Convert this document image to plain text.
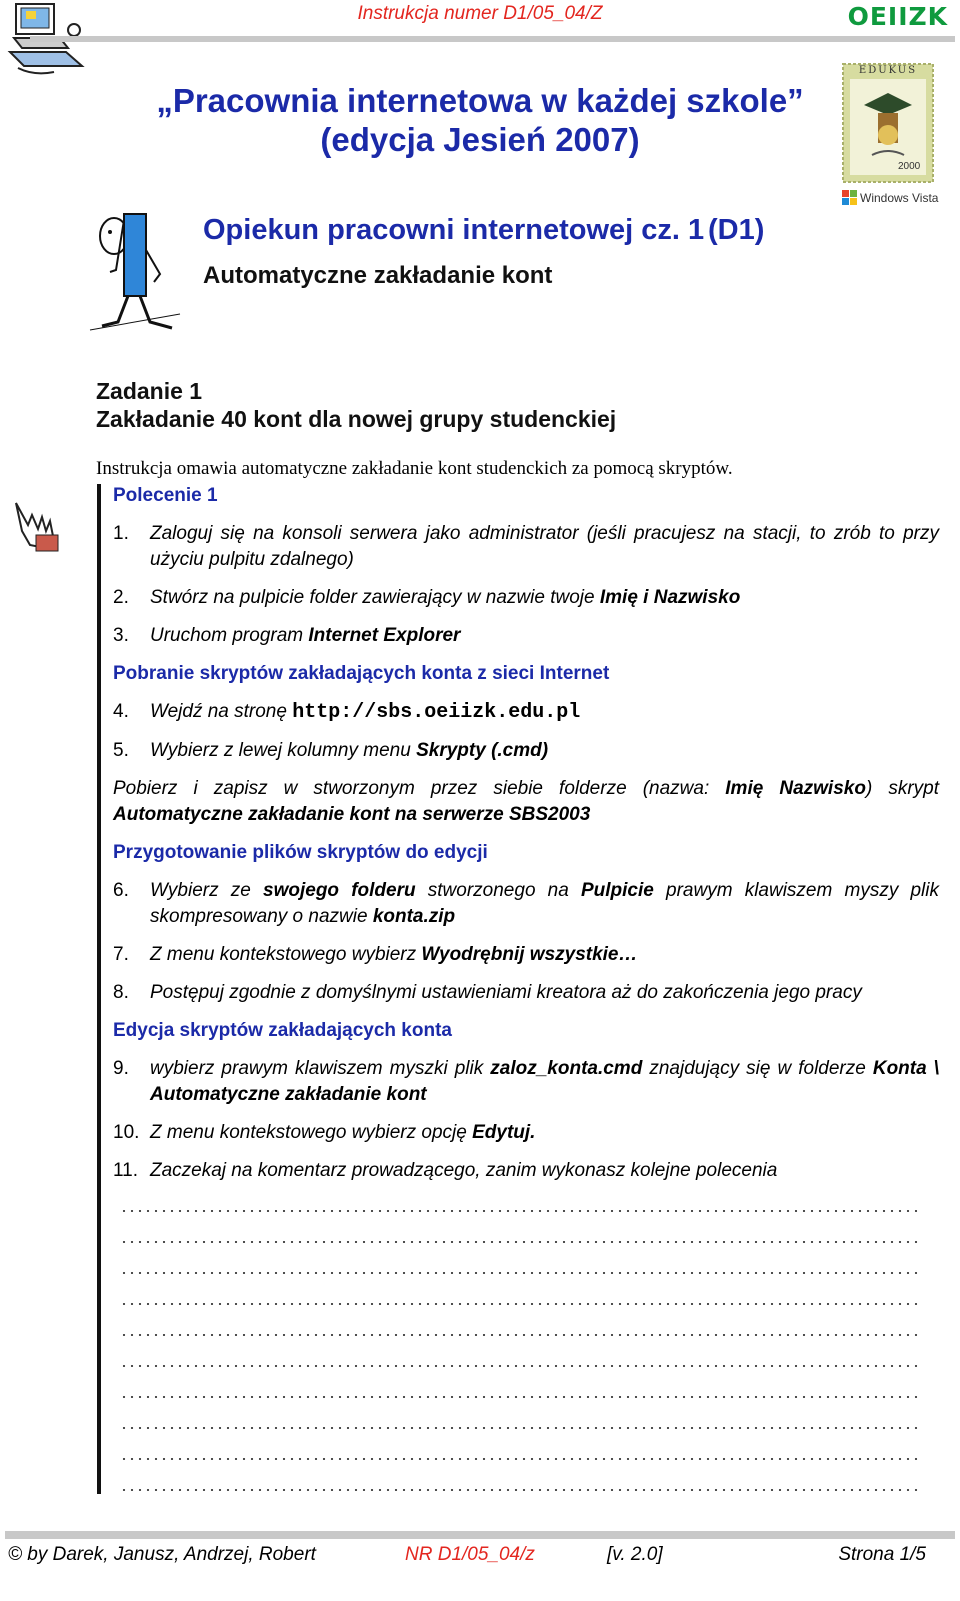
Instrukcja numer D1/05_04/Z	OEIIZK
EDUKUS
2000
Windows Vista
„Pracownia internetowa w każdej szkole”
(edycja Jesień 2007)
Opiekun pracowni internetowej cz. 1 (D1)
Automatyczne zakładanie kont
Zadanie 1
Zakładanie 40 kont dla nowej grupy studenckiej
Instrukcja omawia automatyczne zakładanie kont studenckich za pomocą skryptów.
Polecenie 1
1.	Zaloguj się na konsoli serwera jako administrator (jeśli pracujesz na stacji, to zrób to przy użyciu pulpitu zdalnego)
2.	Stwórz na pulpicie folder zawierający w nazwie twoje Imię i Nazwisko
3.	Uruchom program Internet Explorer
Pobranie skryptów zakładających konta z sieci Internet
4.	Wejdź na stronę http://sbs.oeiizk.edu.pl
5.	Wybierz z lewej kolumny menu Skrypty (.cmd)
Pobierz i zapisz w stworzonym przez siebie folderze (nazwa: Imię Nazwisko) skrypt Automatyczne zakładanie kont na serwerze SBS2003
Przygotowanie plików skryptów do edycji
6.	Wybierz ze swojego folderu stworzonego na Pulpicie prawym klawiszem myszy plik skompresowany o nazwie konta.zip
7.	Z menu kontekstowego wybierz Wyodrębnij wszystkie…
8.	Postępuj zgodnie z domyślnymi ustawieniami kreatora aż do zakończenia jego pracy
Edycja skryptów zakładających konta
9.	wybierz prawym klawiszem myszki plik zaloz_konta.cmd znajdujący się w folderze Konta \ Automatyczne zakładanie kont
10. Z menu kontekstowego wybierz opcję Edytuj.
11. Zaczekaj na komentarz prowadzącego, zanim wykonasz kolejne polecenia
© by Darek, Janusz, Andrzej, Robert	NR D1/05_04/z	[v. 2.0]	Strona 1/5
